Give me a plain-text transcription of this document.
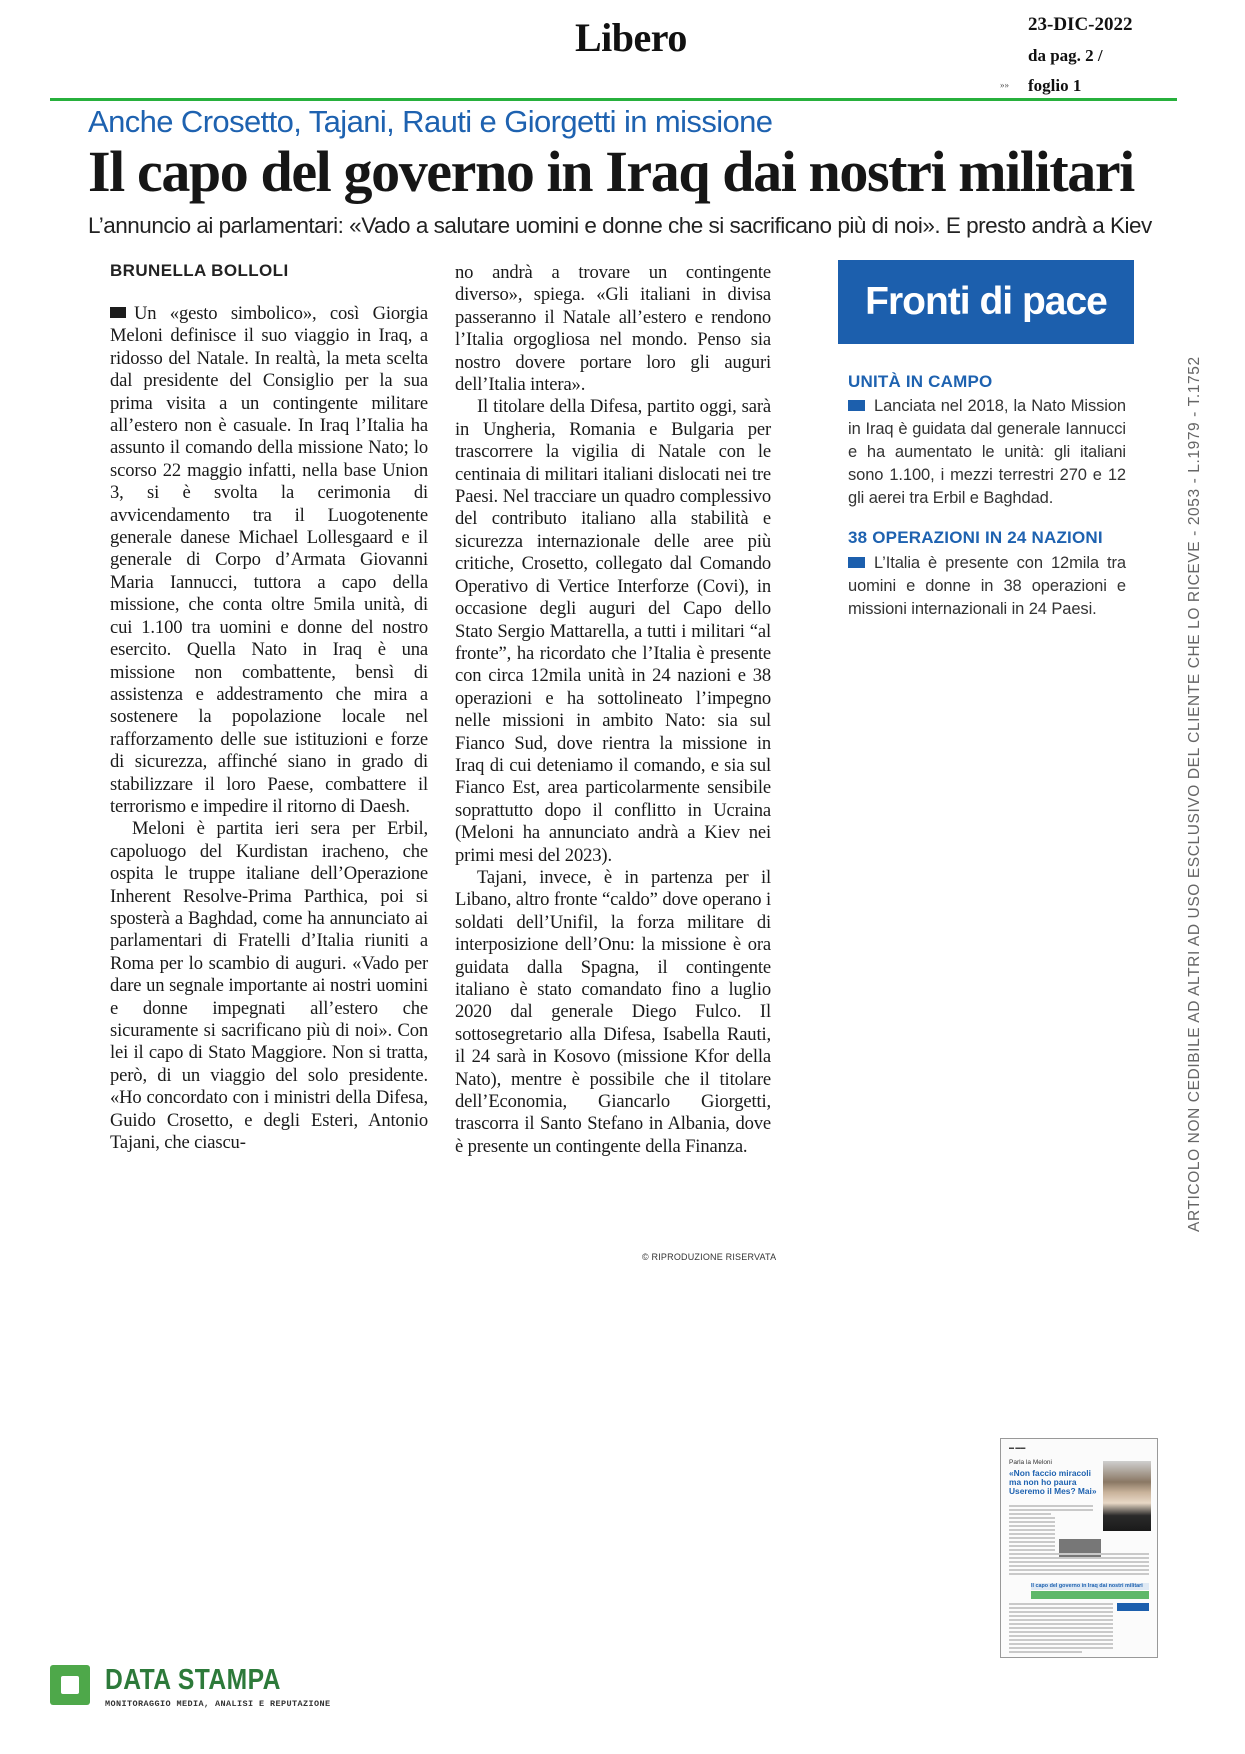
Libero	23-DIC-2022
da pag. 2 /
»» foglio 1
Anche Crosetto, Tajani, Rauti e Giorgetti in missione
Il capo del governo in Iraq dai nostri militari
L’annuncio ai parlamentari: «Vado a salutare uomini e donne che si sacrificano più di noi». E presto andrà a Kiev
BRUNELLA BOLLOLI

Un «gesto simbolico», così Giorgia Meloni definisce il suo viaggio in Iraq, a ridosso del Natale. In realtà, la meta scelta dal presidente del Consiglio per la sua prima visita a un contingente militare all’estero non è casuale. In Iraq l’Italia ha assunto il comando della missione Nato; lo scorso 22 maggio infatti, nella base Union 3, si è svolta la cerimonia di avvicendamento tra il Luogotenente generale danese Michael Lollesgaard e il generale di Corpo d’Armata Giovanni Maria Iannucci, tuttora a capo della missione, che conta oltre 5mila unità, di cui 1.100 tra uomini e donne del nostro esercito. Quella Nato in Iraq è una missione non combattente, bensì di assistenza e addestramento che mira a sostenere la popolazione locale nel rafforzamento delle sue istituzioni e forze di sicurezza, affinché siano in grado di stabilizzare il loro Paese, combattere il terrorismo e impedire il ritorno di Daesh.

Meloni è partita ieri sera per Erbil, capoluogo del Kurdistan iracheno, che ospita le truppe italiane dell’Operazione Inherent Resolve-Prima Parthica, poi si sposterà a Baghdad, come ha annunciato ai parlamentari di Fratelli d’Italia riuniti a Roma per lo scambio di auguri. «Vado per dare un segnale importante ai nostri uomini e donne impegnati all’estero che sicuramente si sacrificano più di noi». Con lei il capo di Stato Maggiore. Non si tratta, però, di un viaggio del solo presidente. «Ho concordato con i ministri della Difesa, Guido Crosetto, e degli Esteri, Antonio Tajani, che ciascu-

no andrà a trovare un contingente diverso», spiega. «Gli italiani in divisa passeranno il Natale all’estero e rendono l’Italia orgogliosa nel mondo. Penso sia nostro dovere portare loro gli auguri dell’Italia intera».

Il titolare della Difesa, partito oggi, sarà in Ungheria, Romania e Bulgaria per trascorrere la vigilia di Natale con le centinaia di militari italiani dislocati nei tre Paesi. Nel tracciare un quadro complessivo del contributo italiano alla stabilità e sicurezza internazionale delle aree più critiche, Crosetto, collegato dal Comando Operativo di Vertice Interforze (Covi), in occasione degli auguri del Capo dello Stato Sergio Mattarella, a tutti i militari “al fronte”, ha ricordato che l’Italia è presente con circa 12mila unità in 24 nazioni e 38 operazioni e ha sottolineato l’impegno nelle missioni in ambito Nato: sia sul Fianco Sud, dove rientra la missione in Iraq di cui deteniamo il comando, e sia sul Fianco Est, area particolarmente sensibile soprattutto dopo il conflitto in Ucraina (Meloni ha annunciato andrà a Kiev nei primi mesi del 2023).

Tajani, invece, è in partenza per il Libano, altro fronte “caldo” dove operano i soldati dell’Unifil, la forza militare di interposizione dell’Onu: la missione è ora guidata dalla Spagna, il contingente italiano è stato comandato fino a luglio 2020 dal generale Diego Fulco. Il sottosegretario alla Difesa, Isabella Rauti, il 24 sarà in Kosovo (missione Kfor della Nato), mentre è possibile che il titolare dell’Economia, Giancarlo Giorgetti, trascorra il Santo Stefano in Albania, dove è presente un contingente della Finanza.

© RIPRODUZIONE RISERVATA
Fronti di pace
UNITÀ IN CAMPO
Lanciata nel 2018, la Nato Mission in Iraq è guidata dal generale Iannucci e ha aumentato le unità: gli italiani sono 1.100, i mezzi terrestri 270 e 12 gli aerei tra Erbil e Baghdad.
38 OPERAZIONI IN 24 NAZIONI
L’Italia è presente con 12mila tra uomini e donne in 38 operazioni e missioni internazionali in 24 Paesi.	ARTICOLO NON CEDIBILE AD ALTRI AD USO ESCLUSIVO DEL CLIENTE CHE LO RICEVE - 2053 - L.1979 - T.1752
▬ ▬▬
Parla la Meloni
«Non faccio miracoli ma non ho paura Useremo il Mes? Mai»
Il capo del governo in Iraq dai nostri militari
DATA STAMPA
MONITORAGGIO MEDIA, ANALISI E REPUTAZIONE
